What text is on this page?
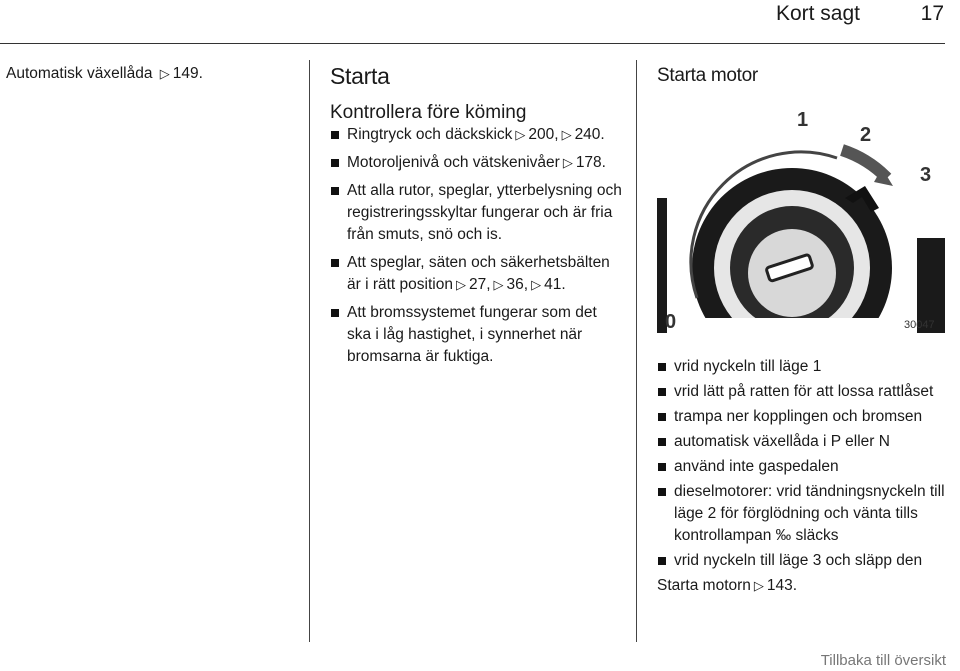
Kort sagt	17
Automatisk växellåda ▷ 149.	Starta
Kontrollera före köming
Ringtryck och däckskick ▷ 200, ▷ 240.
Motoroljenivå och vätskenivåer ▷ 178.
Att alla rutor, speglar, ytterbelysning och registreringsskyltar fungerar och är fria från smuts, snö och is.
Att speglar, säten och säkerhetsbälten är i rätt position ▷ 27, ▷ 36, ▷ 41.
Att bromssystemet fungerar som det ska i låg hastighet, i synnerhet när bromsarna är fuktiga.
Starta motor
1
2
3
0	30047
vrid nyckeln till läge 1
vrid lätt på ratten för att lossa rattlåset
trampa ner kopplingen och bromsen
automatisk växellåda i P eller N
använd inte gaspedalen
dieselmotorer: vrid tändningsnyckeln till läge 2 för förglödning och vänta tills kontrollampan ‰ släcks
vrid nyckeln till läge 3 och släpp den
Starta motorn ▷ 143.
Tillbaka till översikt
